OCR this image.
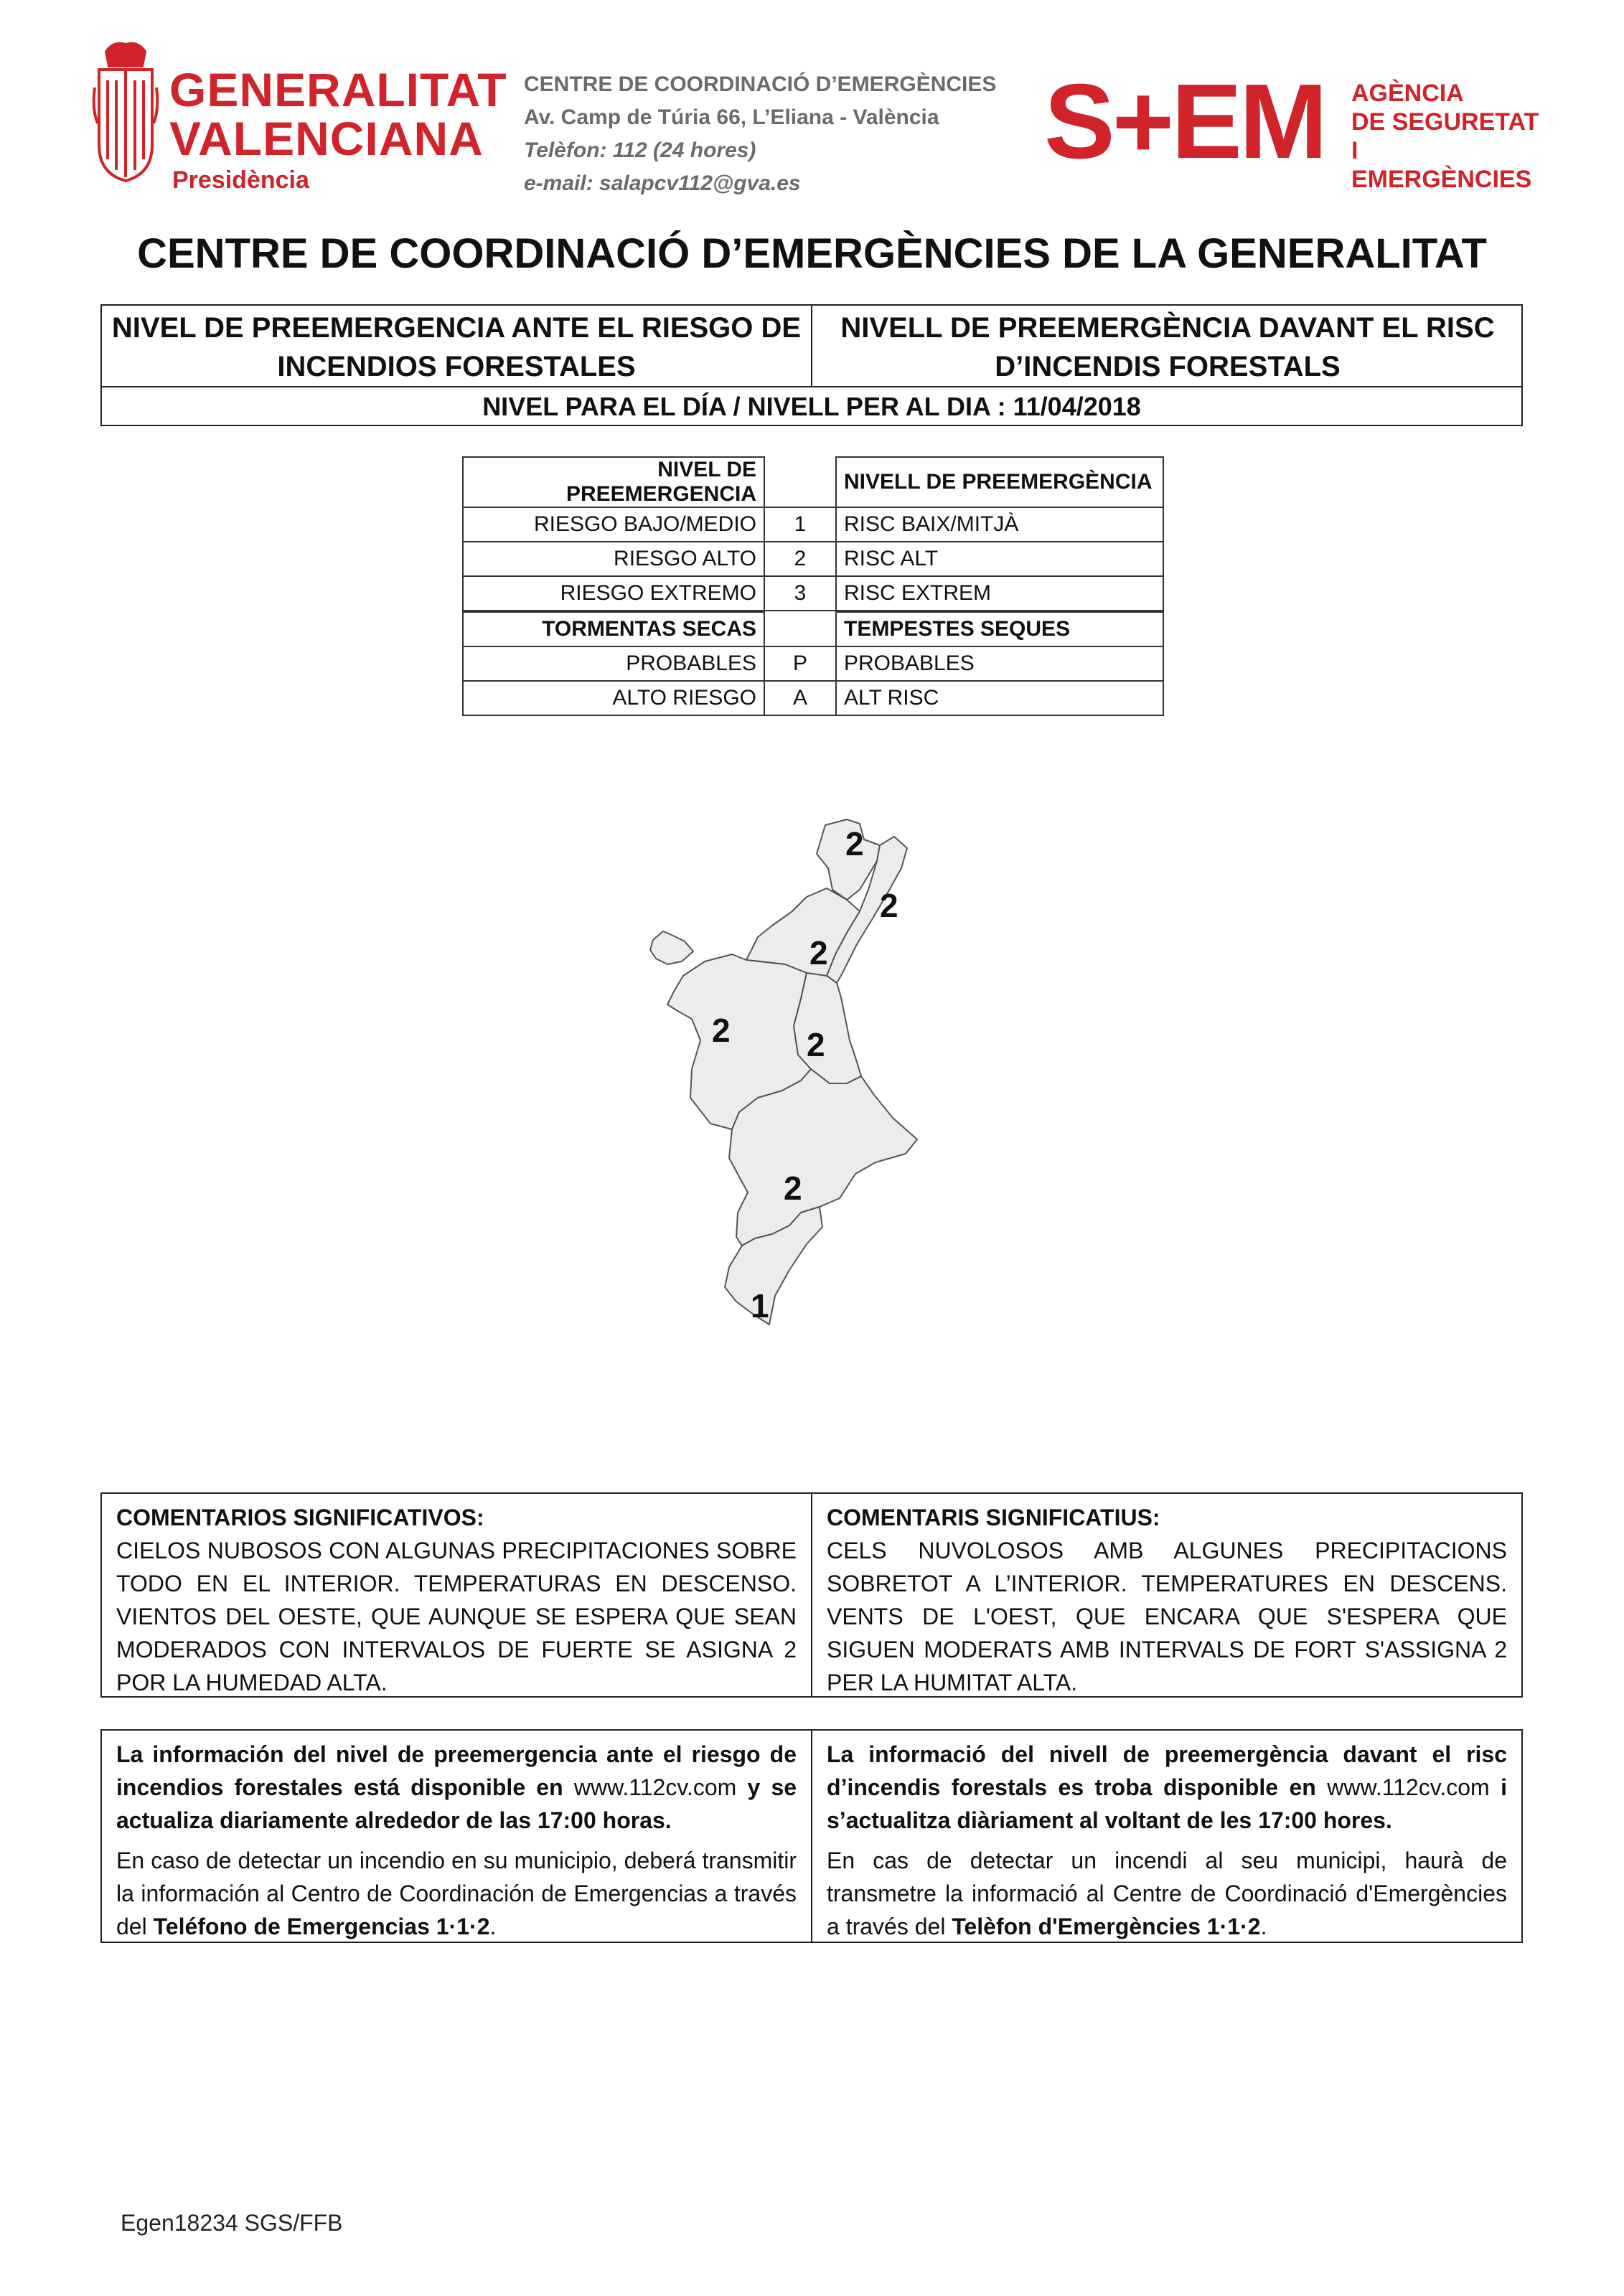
GENERALITAT
VALENCIANA
Presidència
CENTRE DE COORDINACIÓ D’EMERGÈNCIES
Av. Camp de Túria 66, L’Eliana - València
Telèfon: 112 (24 hores)
e-mail: salapcv112@gva.es
S+EM AGÈNCIA
DE SEGURETAT I
EMERGÈNCIES
CENTRE DE COORDINACIÓ D’EMERGÈNCIES DE LA GENERALITAT
NIVEL DE PREEMERGENCIA ANTE EL RIESGO DE
INCENDIOS FORESTALES
NIVELL DE PREEMERGÈNCIA DAVANT EL RISC
D’INCENDIS FORESTALS
NIVEL PARA EL DÍA / NIVELL PER AL DIA : 11/04/2018
NIVEL DE PREEMERGENCIA		NIVELL DE PREEMERGÈNCIA
RIESGO BAJO/MEDIO	1	RISC BAIX/MITJÀ
RIESGO ALTO	2	RISC ALT
RIESGO EXTREMO	3	RISC EXTREM
TORMENTAS SECAS		TEMPESTES SEQUES
PROBABLES	P	PROBABLES
ALTO RIESGO	A	ALT RISC
2
2
2
2 2
2
1
COMENTARIOS SIGNIFICATIVOS:
CIELOS NUBOSOS CON ALGUNAS PRECIPITACIONES SOBRE TODO EN EL INTERIOR. TEMPERATURAS EN DESCENSO. VIENTOS DEL OESTE, QUE AUNQUE SE ESPERA QUE SEAN MODERADOS CON INTERVALOS DE FUERTE SE ASIGNA 2 POR LA HUMEDAD ALTA.
COMENTARIS SIGNIFICATIUS:
CELS NUVOLOSOS AMB ALGUNES PRECIPITACIONS SOBRETOT A L’INTERIOR. TEMPERATURES EN DESCENS. VENTS DE L'OEST, QUE ENCARA QUE S'ESPERA QUE SIGUEN MODERATS AMB INTERVALS DE FORT S'ASSIGNA 2 PER LA HUMITAT ALTA.

La información del nivel de preemergencia ante el riesgo de incendios forestales está disponible en www.112cv.com y se actualiza diariamente alrededor de las 17:00 horas.

En caso de detectar un incendio en su municipio, deberá transmitir la información al Centro de Coordinación de Emergencias a través del Teléfono de Emergencias 1·1·2.

La informació del nivell de preemergència davant el risc d’incendis forestals es troba disponible en www.112cv.com i s’actualitza diàriament al voltant de les 17:00 hores.

En cas de detectar un incendi al seu municipi, haurà de transmetre la informació al Centre de Coordinació d'Emergències a través del Telèfon d'Emergències 1·1·2.

Egen18234 SGS/FFB
